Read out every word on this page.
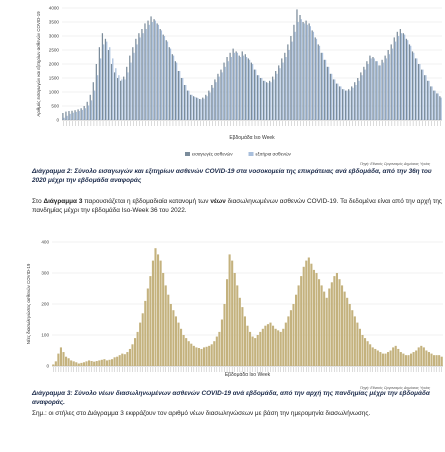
0
500
1000
1500
2000
2500
3000
3500
4000
Αριθμός εισαγωγών και εξιτηρίων ασθενών COVID-19
Εβδομάδα Iso Week
εισαγωγές ασθενών	εξιτήρια ασθενών
Πηγή: Εθνικός Οργανισμός Δημόσιας Υγείας
Διάγραμμα 2: Σύνολο εισαγωγών και εξιτηρίων ασθενών COVID-19 στα νοσοκομεία της επικράτειας ανά εβδομάδα, από την 36η του 2020 μέχρι την εβδομάδα αναφοράς
Στο Διάγραμμα 3 παρουσιάζεται η εβδομαδιαία κατανομή των νέων διασωληνωμένων ασθενών COVID-19. Τα δεδομένα είναι από την αρχή της πανδημίας μέχρι την εβδομάδα Iso-Week 36 του 2022.
0
100
200
300
400
Νέες διασωληνώσεις ασθενών COVID-19
Εβδομάδα Iso Week
Πηγή: Εθνικός Οργανισμός Δημόσιας Υγείας
Διάγραμμα 3: Σύνολο νέων διασωληνωμένων ασθενών COVID-19 ανά εβδομάδα, από την αρχή της πανδημίας μέχρι την εβδομάδα αναφοράς.
Σημ.: οι στήλες στο Διάγραμμα 3 εκφράζουν τον αριθμό νέων διασωληνώσεων με βάση την ημερομηνία διασωλήνωσης.
